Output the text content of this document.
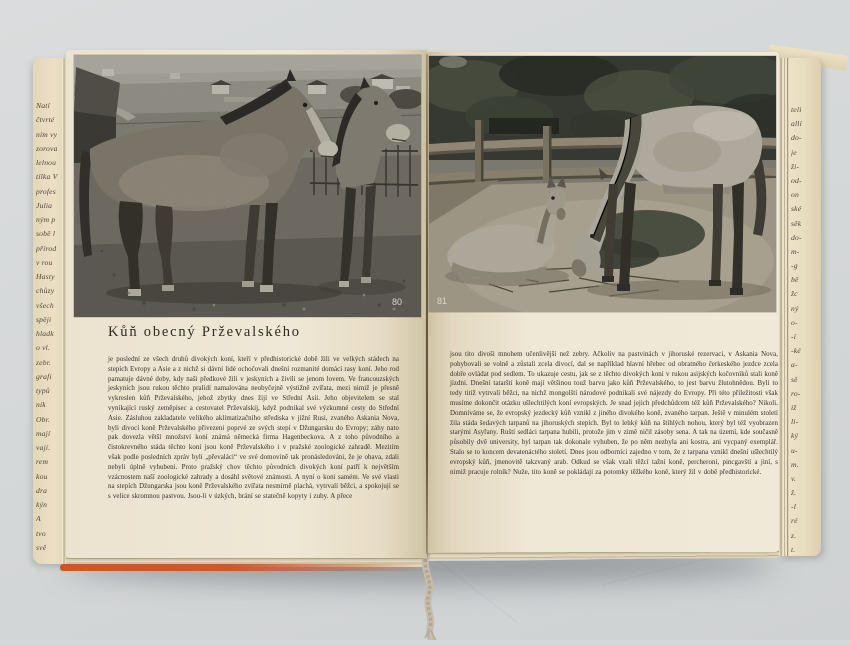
Natí
čtvrté
ním vy
zorova
lelnou
tílka V
profes
Julia
ným p
sobě l
přírod
v rou
Hasty
chůzy
všech
spěji
hladk
o vl.
zebr.
grafi
typů
ník
Obr.
mají
vají.
rem
kou
dra
kýn
A
tvo
svě
teli
allí
do-
je
ži-
od-
on
ské
sěk
do-
m-
-g
bě
žc
ný
o-
-í
-ké
a-
sě
ro-
iž
li-
ký
u-
m.
v.
ž.
-l
ré
z.
t.
80
Kůň obecný Prževalského

je poslední ze všech druhů divokých koní, kteří v předhistorické době žili ve velkých stádech na stepích Evropy a Asie a z nichž si dávní lidé ochočovali dnešní rozmanité domácí rasy koní. Jeho rod pamatuje dávné doby, kdy naši předkové žili v jeskyních a živili se jenom lovem. Ve francouzských jeskyních jsou rukou těchto pralidí namalována neobyčejně výstižně zvířata, mezi nimiž je přesně vykreslen kůň Prževalského, jehož zbytky dnes žijí ve Střední Asii. Jeho objevitelem se stal vynikající ruský zeměpisec a cestovatel Prževalskij, když podnikal své výzkumné cesty do Střední Asie. Zásluhou zakladatele velikého aklimatizačního střediska v jižní Rusi, zvaného Askania Nova, byli divocí koně Prževalského přivezeni poprvé ze svých stepí v Džungarsku do Evropy; záhy nato pak dovezla větší množství koní známá německá firma Hagenbeckova. A z toho původního a čistokrevného stáda těchto koní jsou koně Prževalského i v pražské zoologické zahradě. Mezitím však podle posledních zpráv byli „převaláci“ ve své domovině tak pronásledováni, že je obava, zdali nebyli úplně vyhubeni. Proto pražský chov těchto původních divokých koní patří k největším vzácnostem naší zoologické zahrady a dosáhl světové známosti. A nyní o koni samém. Ve své vlasti na stepích Džungarska jsou koně Prževalského zvířata nesmírně plachá, vytrvalí běžci, a spokojují se s velice skromnou pastvou. Jsou-li v úzkých, brání se statečně kopyty i zuby. A přece

81

jsou tito divoši mnohem učenlivější než zebry. Ačkoliv na pastvinách v jihoruské rezervaci, v Askania Nova, pohybovali se volně a zůstali zcela divocí, dal se například hlavní hřebec od obratného čerkeského jezdce zcela dobře ovládat pod sedlem. To ukazuje cestu, jak se z těchto divokých koní v rukou asijských kočovníků stali koně jízdní. Dnešní tatarští koně mají většinou touž barvu jako kůň Prževalského, to jest barvu žlutohnědou. Byli to tedy titíž vytrvalí běžci, na nichž mongolští národové podnikali své nájezdy do Evropy. Při této příležitosti však musíme dokončit otázku ušlechtilých koní evropských. Je snad jejich předchůdcem též kůň Prževalského? Nikoli. Domníváme se, že evropský jezdecký kůň vznikl z jiného divokého koně, zvaného tarpan. Ještě v minulém století žila stáda šedavých tarpanů na jihoruských stepích. Byl to lehký kůň na štíhlých nohou, který byl též vyobrazen starými Asyřany. Ruští sedláci tarpana hubili, protože jim v zimě ničil zásoby sena. A tak na území, kde současně působily dvě university, byl tarpan tak dokonale vyhuben, že po něm nezbyla ani kostra, ani vycpaný exemplář. Stalo se to koncem devatenáctého století. Dnes jsou odborníci zajedno v tom, že z tarpana vznikl dnešní ušlechtilý evropský kůň, jmenovitě takzvaný arab. Odkud se však vzali těžcí tažní koně, percheroni, pincgavští a jiní, s nimiž pracuje rolník? Nuže, tito koně se pokládají za potomky těžkého koně, který žil v době předhistorické.
